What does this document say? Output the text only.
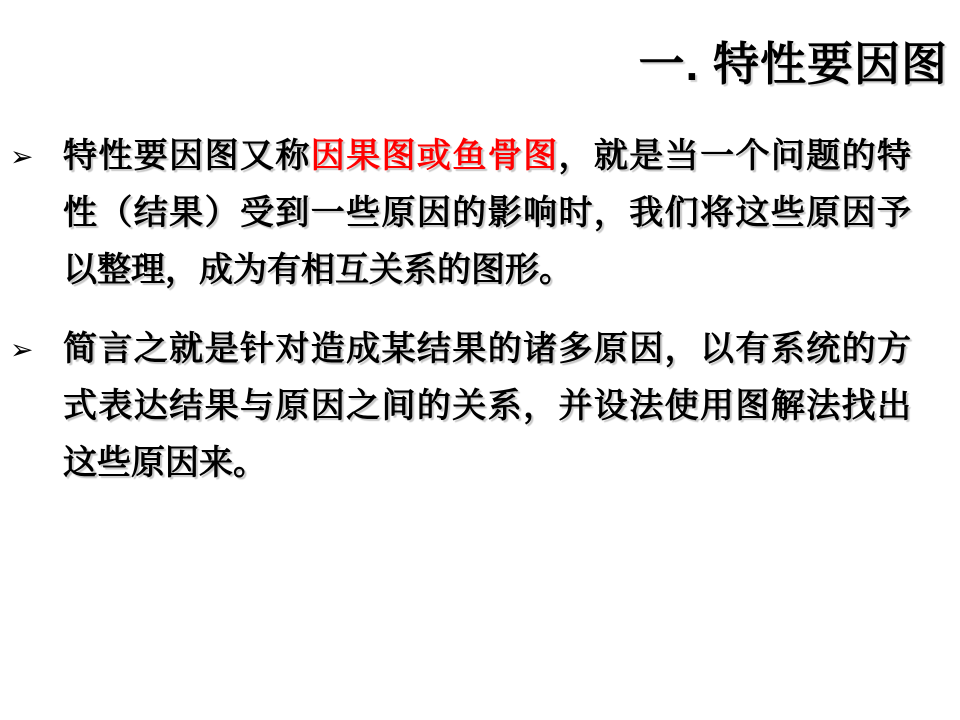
一. 特性要因图
➢ 特性要因图又称因果图或鱼骨图，就是当一个问题的特性（结果）受到一些原因的影响时，我们将这些原因予以整理，成为有相互关系的图形。

➢ 简言之就是针对造成某结果的诸多原因，以有系统的方式表达结果与原因之间的关系，并设法使用图解法找出这些原因来。
